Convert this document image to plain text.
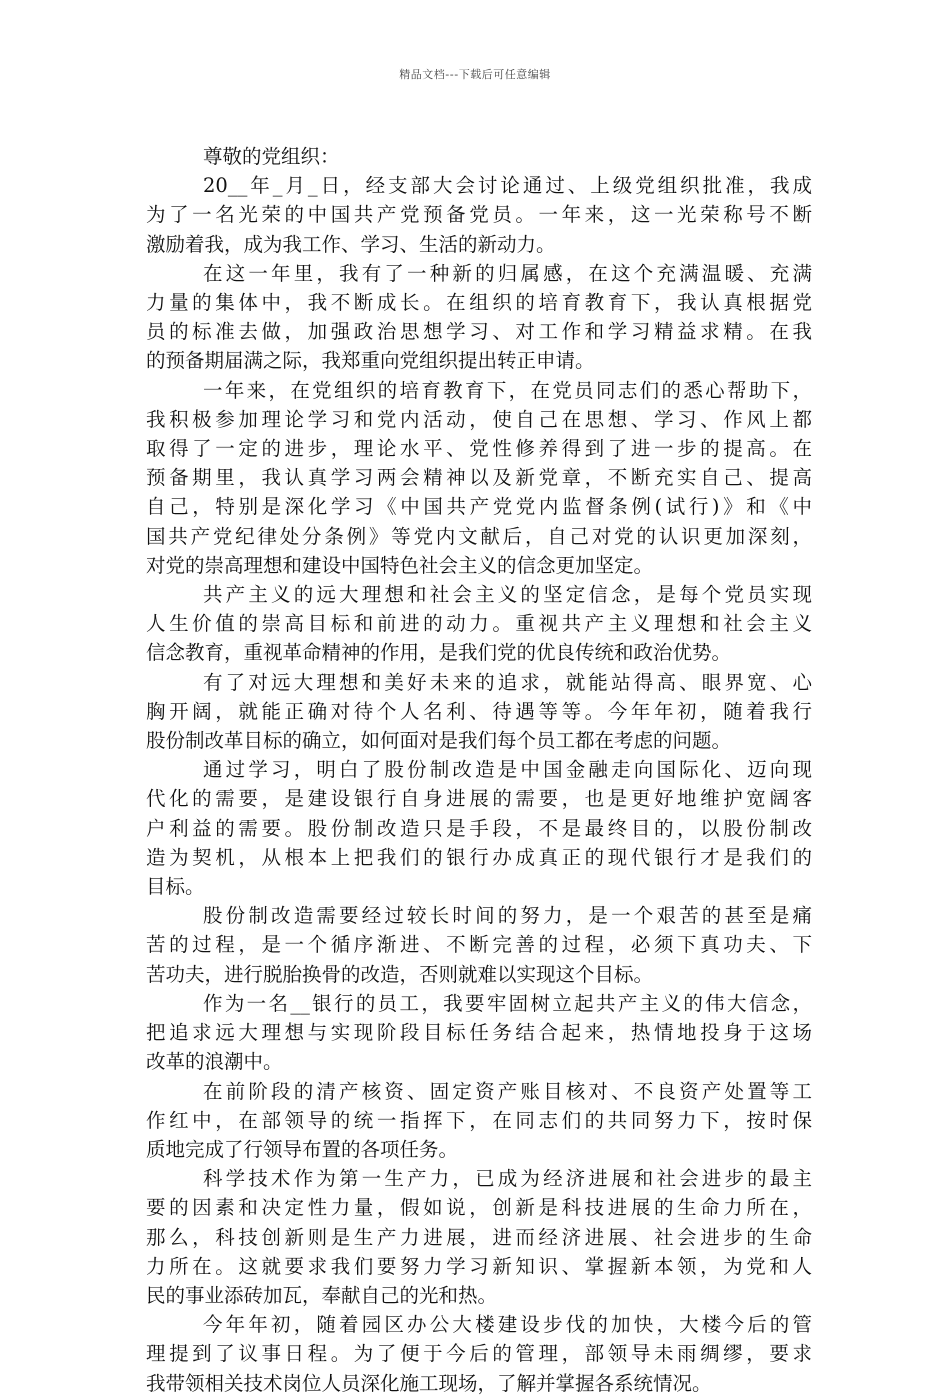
精品文档---下载后可任意编辑

尊敬的党组织：

20__年_月_日，经支部大会讨论通过、上级党组织批准，我成
为了一名光荣的中国共产党预备党员。一年来，这一光荣称号不断
激励着我，成为我工作、学习、生活的新动力。

在这一年里，我有了一种新的归属感，在这个充满温暖、充满
力量的集体中，我不断成长。在组织的培育教育下，我认真根据党
员的标准去做，加强政治思想学习、对工作和学习精益求精。在我
的预备期届满之际，我郑重向党组织提出转正申请。

一年来，在党组织的培育教育下，在党员同志们的悉心帮助下，
我积极参加理论学习和党内活动，使自己在思想、学习、作风上都
取得了一定的进步，理论水平、党性修养得到了进一步的提高。在
预备期里，我认真学习两会精神以及新党章，不断充实自己、提高
自己，特别是深化学习《中国共产党党内监督条例(试行)》和《中
国共产党纪律处分条例》等党内文献后，自己对党的认识更加深刻，
对党的崇高理想和建设中国特色社会主义的信念更加坚定。

共产主义的远大理想和社会主义的坚定信念，是每个党员实现
人生价值的崇高目标和前进的动力。重视共产主义理想和社会主义
信念教育，重视革命精神的作用，是我们党的优良传统和政治优势。

有了对远大理想和美好未来的追求，就能站得高、眼界宽、心
胸开阔，就能正确对待个人名利、待遇等等。今年年初，随着我行
股份制改革目标的确立，如何面对是我们每个员工都在考虑的问题。

通过学习，明白了股份制改造是中国金融走向国际化、迈向现
代化的需要，是建设银行自身进展的需要，也是更好地维护宽阔客
户利益的需要。股份制改造只是手段，不是最终目的，以股份制改
造为契机，从根本上把我们的银行办成真正的现代银行才是我们的
目标。

股份制改造需要经过较长时间的努力，是一个艰苦的甚至是痛
苦的过程，是一个循序渐进、不断完善的过程，必须下真功夫、下
苦功夫，进行脱胎换骨的改造，否则就难以实现这个目标。

作为一名__银行的员工，我要牢固树立起共产主义的伟大信念，
把追求远大理想与实现阶段目标任务结合起来，热情地投身于这场
改革的浪潮中。

在前阶段的清产核资、固定资产账目核对、不良资产处置等工
作红中，在部领导的统一指挥下，在同志们的共同努力下，按时保
质地完成了行领导布置的各项任务。

科学技术作为第一生产力，已成为经济进展和社会进步的最主
要的因素和决定性力量，假如说，创新是科技进展的生命力所在，
那么，科技创新则是生产力进展，进而经济进展、社会进步的生命
力所在。这就要求我们要努力学习新知识、掌握新本领，为党和人
民的事业添砖加瓦，奉献自己的光和热。

今年年初，随着园区办公大楼建设步伐的加快，大楼今后的管
理提到了议事日程。为了便于今后的管理，部领导未雨绸缪，要求
我带领相关技术岗位人员深化施工现场，了解并掌握各系统情况。
